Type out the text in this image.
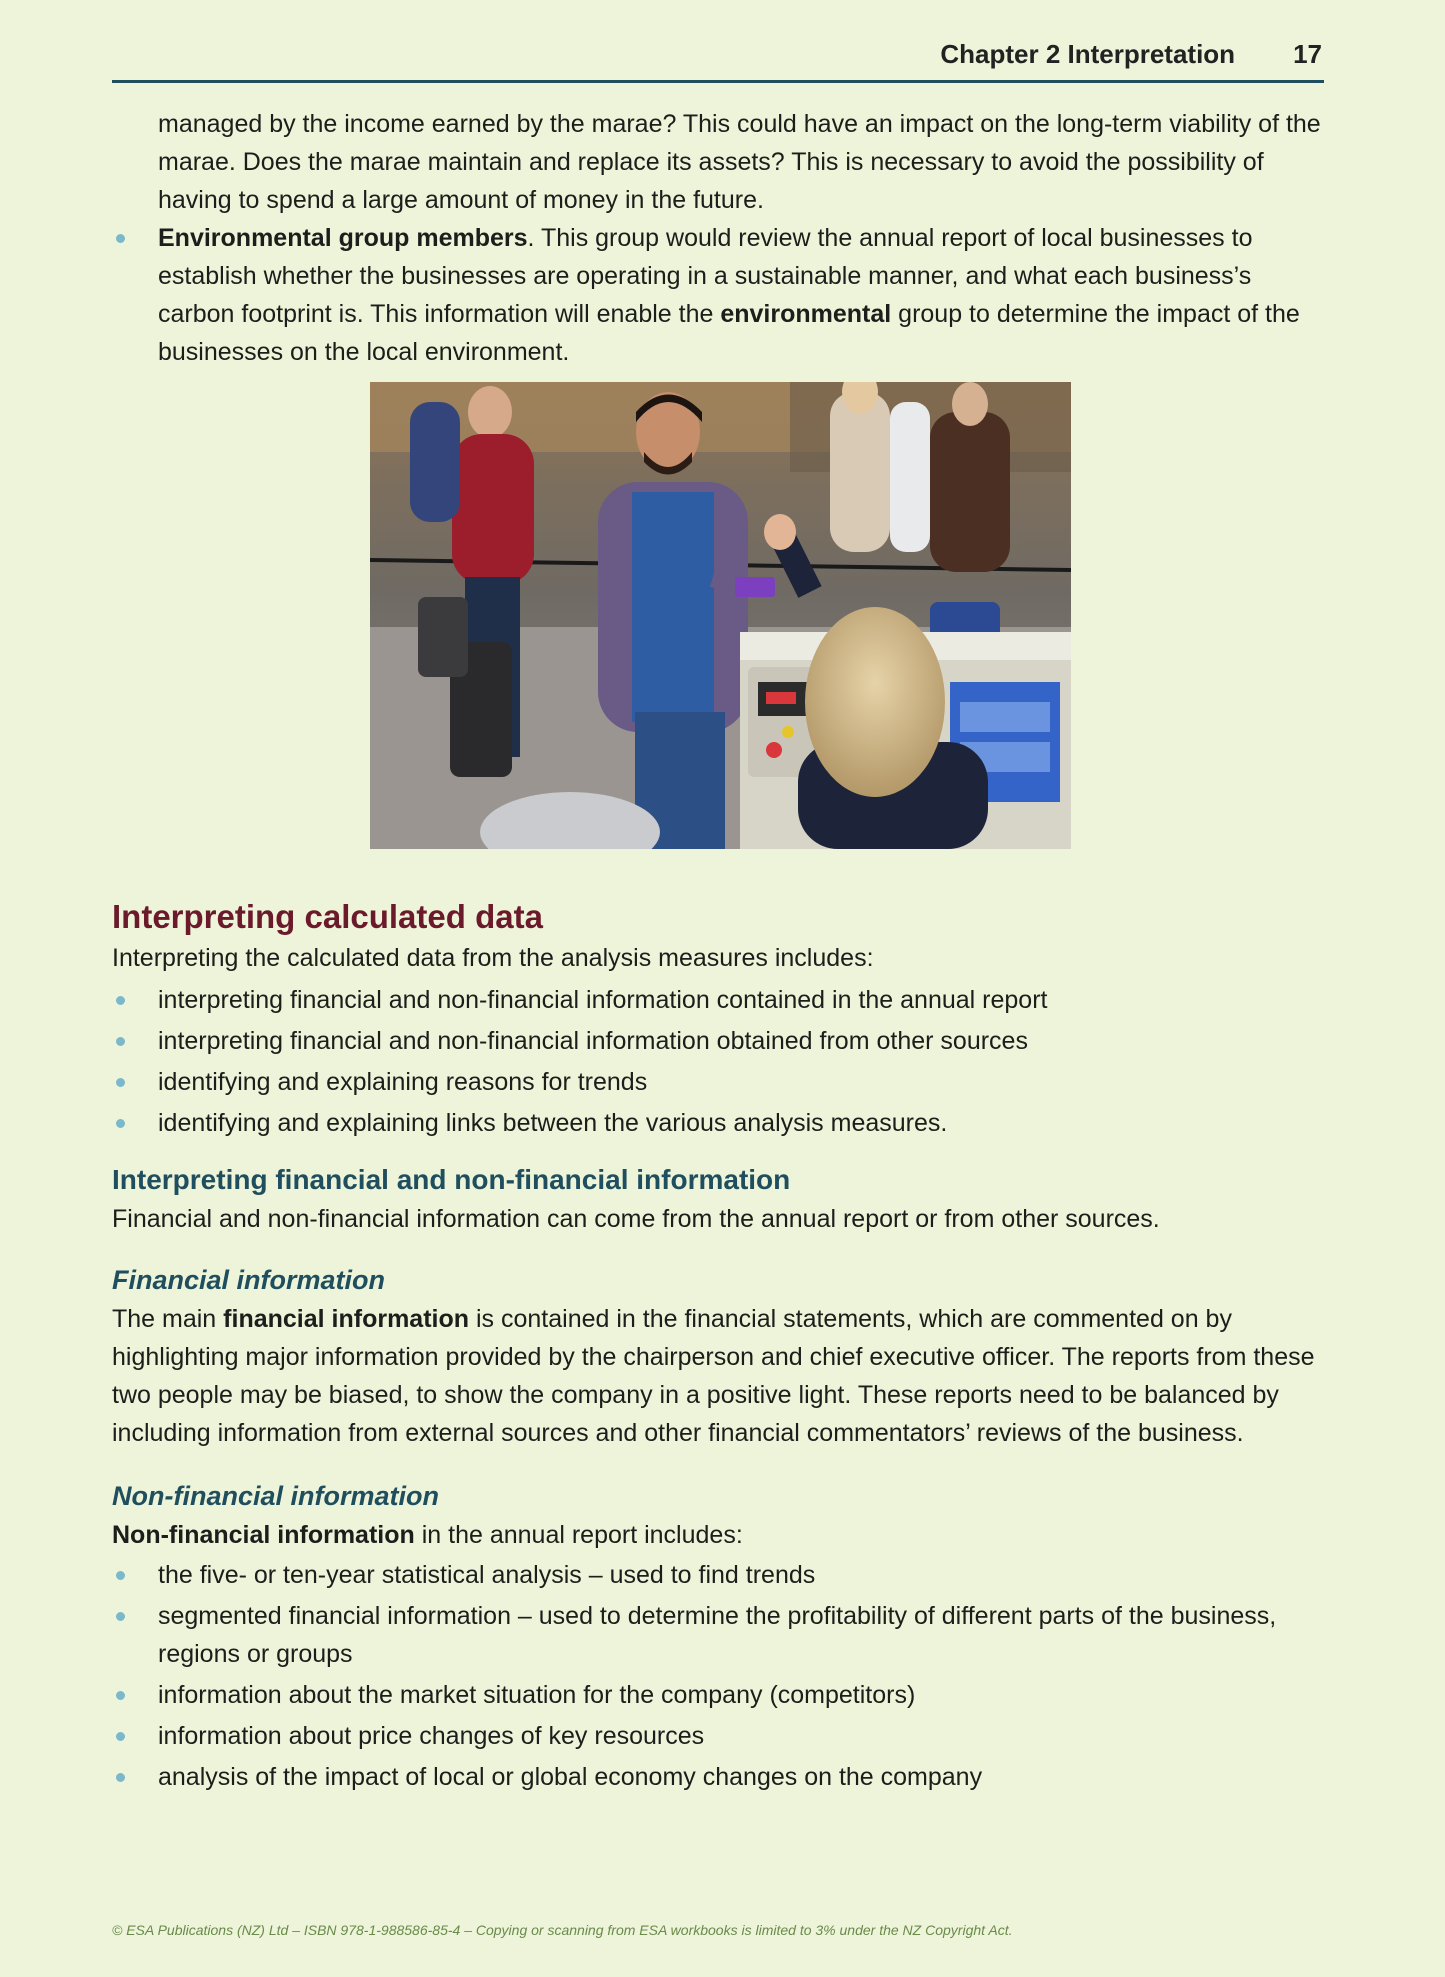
Chapter 2 Interpretation 17

managed by the income earned by the marae? This could have an impact on the long-term viability of the marae. Does the marae maintain and replace its assets? This is necessary to avoid the possibility of having to spend a large amount of money in the future.

Environmental group members. This group would review the annual report of local businesses to establish whether the businesses are operating in a sustainable manner, and what each business’s carbon footprint is. This information will enable the environmental group to determine the impact of the businesses on the local environment.
Interpreting calculated data

Interpreting the calculated data from the analysis measures includes:

interpreting financial and non-financial information contained in the annual report
interpreting financial and non-financial information obtained from other sources
identifying and explaining reasons for trends
identifying and explaining links between the various analysis measures.
Interpreting financial and non-financial information

Financial and non-financial information can come from the annual report or from other sources.

Financial information

The main financial information is contained in the financial statements, which are commented on by highlighting major information provided by the chairperson and chief executive officer. The reports from these two people may be biased, to show the company in a positive light. These reports need to be balanced by including information from external sources and other financial commentators’ reviews of the business.

Non-financial information

Non-financial information in the annual report includes:

the five- or ten-year statistical analysis – used to find trends
segmented financial information – used to determine the profitability of different parts of the business, regions or groups
information about the market situation for the company (competitors)
information about price changes of key resources
analysis of the impact of local or global economy changes on the company
© ESA Publications (NZ) Ltd – ISBN 978-1-988586-85-4 – Copying or scanning from ESA workbooks is limited to 3% under the NZ Copyright Act.
